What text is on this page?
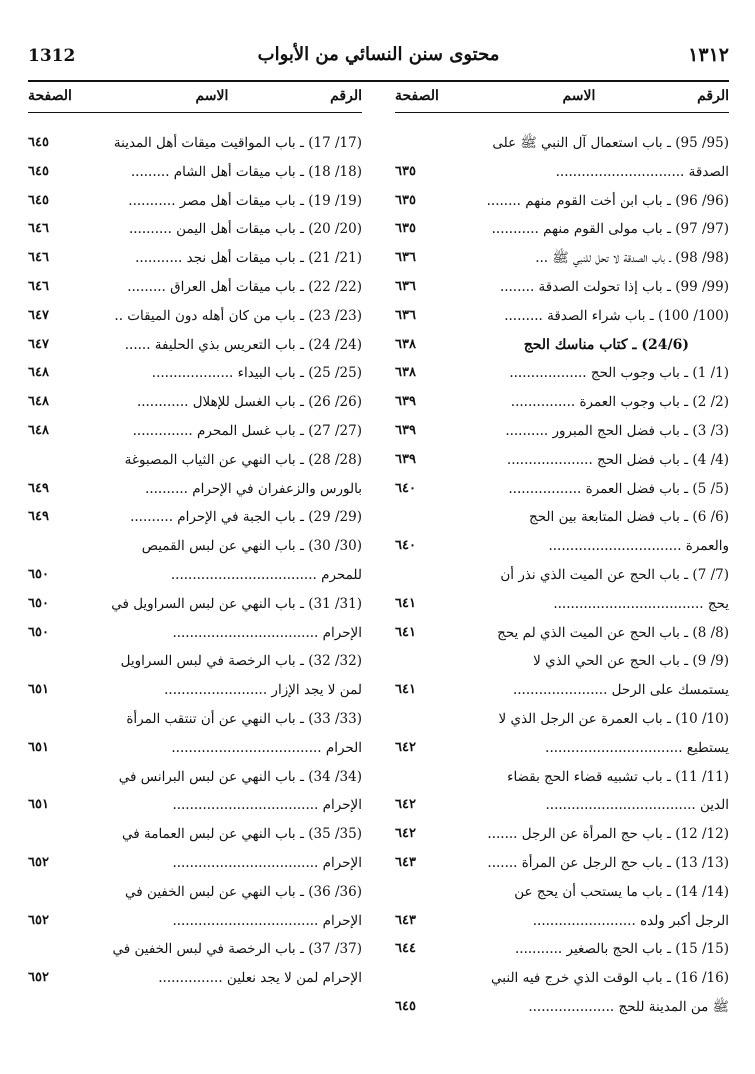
1312	محتوى سنن النسائي من الأبواب	١٣١٢
الرقم
الاسم
الصفحة
(95/ 95) ـ باب استعمال آل النبي ﷺ على
الصدقة ..............................
٦٣٥
(96/ 96) ـ باب ابن أخت القوم منهم ........
٦٣٥
(97/ 97) ـ باب مولى القوم منهم ...........
٦٣٥
(98/ 98) ـ باب الصدقة لا تحل للنبي ﷺ ...
٦٣٦
(99/ 99) ـ باب إذا تحولت الصدقة ........
٦٣٦
(100/ 100) ـ باب شراء الصدقة .........
٦٣٦
(24/6) ـ كتاب مناسك الحج
٦٣٨
(1/ 1) ـ باب وجوب الحج ..................
٦٣٨
(2/ 2) ـ باب وجوب العمرة ...............
٦٣٩
(3/ 3) ـ باب فضل الحج المبرور ..........
٦٣٩
(4/ 4) ـ باب فضل الحج ....................
٦٣٩
(5/ 5) ـ باب فضل العمرة .................
٦٤٠
(6/ 6) ـ باب فضل المتابعة بين الحج
والعمرة ...............................
٦٤٠
(7/ 7) ـ باب الحج عن الميت الذي نذر أن
يحج ...................................
٦٤١
(8/ 8) ـ باب الحج عن الميت الذي لم يحج
٦٤١
(9/ 9) ـ باب الحج عن الحي الذي لا
يستمسك على الرحل ......................
٦٤١
(10/ 10) ـ باب العمرة عن الرجل الذي لا
يستطيع ................................
٦٤٢
(11/ 11) ـ باب تشبيه قضاء الحج بقضاء
الدين ...................................
٦٤٢
(12/ 12) ـ باب حج المرأة عن الرجل .......
٦٤٢
(13/ 13) ـ باب حج الرجل عن المرأة .......
٦٤٣
(14/ 14) ـ باب ما يستحب أن يحج عن
الرجل أكبر ولده ........................
٦٤٣
(15/ 15) ـ باب الحج بالصغير ...........
٦٤٤
(16/ 16) ـ باب الوقت الذي خرج فيه النبي
ﷺ من المدينة للحج ....................
٦٤٥
الرقم
الاسم
الصفحة
(17/ 17) ـ باب المواقيت ميقات أهل المدينة
٦٤٥
(18/ 18) ـ باب ميقات أهل الشام .........
٦٤٥
(19/ 19) ـ باب ميقات أهل مصر ...........
٦٤٥
(20/ 20) ـ باب ميقات أهل اليمن ..........
٦٤٦
(21/ 21) ـ باب ميقات أهل نجد ...........
٦٤٦
(22/ 22) ـ باب ميقات أهل العراق .........
٦٤٦
(23/ 23) ـ باب من كان أهله دون الميقات ..
٦٤٧
(24/ 24) ـ باب التعريس بذي الحليفة ......
٦٤٧
(25/ 25) ـ باب البيداء ...................
٦٤٨
(26/ 26) ـ باب الغسل للإهلال ............
٦٤٨
(27/ 27) ـ باب غسل المحرم ..............
٦٤٨
(28/ 28) ـ باب النهي عن الثياب المصبوغة
بالورس والزعفران في الإحرام ..........
٦٤٩
(29/ 29) ـ باب الجبة في الإحرام ..........
٦٤٩
(30/ 30) ـ باب النهي عن لبس القميص
للمحرم ..................................
٦٥٠
(31/ 31) ـ باب النهي عن لبس السراويل في
٦٥٠
الإحرام ..................................
٦٥٠
(32/ 32) ـ باب الرخصة في لبس السراويل
لمن لا يجد الإزار ........................
٦٥١
(33/ 33) ـ باب النهي عن أن تنتقب المرأة
الحرام ...................................
٦٥١
(34/ 34) ـ باب النهي عن لبس البرانس في
الإحرام ..................................
٦٥١
(35/ 35) ـ باب النهي عن لبس العمامة في
الإحرام ..................................
٦٥٢
(36/ 36) ـ باب النهي عن لبس الخفين في
الإحرام ..................................
٦٥٢
(37/ 37) ـ باب الرخصة في لبس الخفين في
الإحرام لمن لا يجد نعلين ...............
٦٥٢
